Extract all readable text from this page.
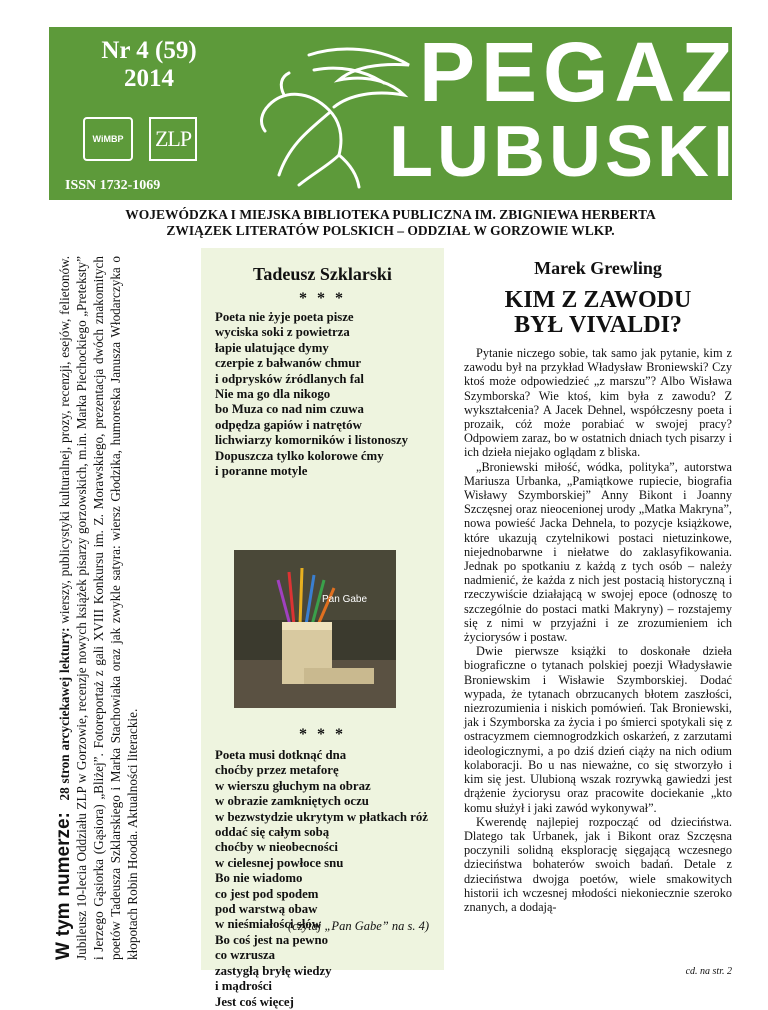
Nr 4 (59)
2014
WiMBP	ZLP
ISSN 1732-1069
PEGAZ
LUBUSKI
WOJEWÓDZKA I MIEJSKA BIBLIOTEKA PUBLICZNA IM. ZBIGNIEWA HERBERTA
ZWIĄZEK LITERATÓW POLSKICH – ODDZIAŁ W GORZOWIE WLKP.
W tym numerze:   28 stron arcyciekawej lektury: wierszy, publicystyki kulturalnej, prozy, recenzji, esejów, felietonów. Jubileusz 10-lecia Oddziału ZLP w Gorzowie, recenzje nowych książek pisarzy gorzowskich, m.in. Marka Piechockiego „Preteksty” i Jerzego Gąsiorka (Gąsiora) „Bliżej”. Fotoreportaż z gali XVIII Konkursu im. Z. Morawskiego, prezentacja dwóch znakomitych poetów Tadeusza Szklarskiego i Marka Stachowiaka oraz jak zwykle satyra: wiersz Głodzika, humoreska Janusza Włodarczyka o kłopotach Robin Hooda. Aktualności literackie.
Tadeusz Szklarski
* * *
Poeta nie żyje poeta pisze
wyciska soki z powietrza
łapie ulatujące dymy
czerpie z bałwanów chmur
i odprysków źródlanych fal
Nie ma go dla nikogo
bo Muza co nad nim czuwa
odpędza gapiów i natrętów
lichwiarzy komorników i listonoszy
Dopuszcza tylko kolorowe ćmy
i poranne motyle
Pan Gabe
* * *
Poeta musi dotknąć dna
choćby przez metaforę
w wierszu głuchym na obraz
w obrazie zamkniętych oczu
w bezwstydzie ukrytym w płatkach róż
oddać się całym sobą
choćby w nieobecności
w cielesnej powłoce snu
Bo nie wiadomo
co jest pod spodem
pod warstwą obaw
w nieśmiałości słów
Bo coś jest na pewno
co wzrusza
zastygłą bryłę wiedzy
i mądrości
Jest coś więcej
(czytaj „Pan Gabe” na s. 4)
Marek Grewling
KIM Z ZAWODU
BYŁ VIVALDI?

Pytanie niczego sobie, tak samo jak pytanie, kim z zawodu był na przykład Władysław Broniewski? Czy ktoś może odpowiedzieć „z marszu”? Albo Wisława Szymborska? Wie ktoś, kim była z zawodu? Z wykształcenia? A Jacek Dehnel, współczesny poeta i prozaik, cóż może porabiać w swojej pracy? Odpowiem zaraz, bo w ostatnich dniach tych pisarzy i ich dzieła niejako oglądam z bliska.

„Broniewski miłość, wódka, polityka”, autorstwa Mariusza Urbanka, „Pamiątkowe rupiecie, biografia Wisławy Szymborskiej” Anny Bikont i Joanny Szczęsnej oraz nieocenionej urody „Matka Makryna”, nowa powieść Jacka Dehnela, to pozycje książkowe, które ukazują czytelnikowi postaci nietuzinkowe, niejednobarwne i niełatwe do zaklasyfikowania. Jednak po spotkaniu z każdą z tych osób – należy nadmienić, że każda z nich jest postacią historyczną i rzeczywiście działającą w swojej epoce (odnoszę to szczególnie do postaci matki Makryny) – rozstajemy się z nimi w przyjaźni i ze zrozumieniem ich życiorysów i postaw.

Dwie pierwsze książki to doskonałe dzieła biograficzne o tytanach polskiej poezji Władysławie Broniewskim i Wisławie Szymborskiej. Dodać wypada, że tytanach obrzucanych błotem zaszłości, niezrozumienia i niskich pomówień. Tak Broniewski, jak i Szymborska za życia i po śmierci spotykali się z ostracyzmem ciemnogrodzkich oskarżeń, z zarzutami ideologicznymi, a po dziś dzień ciąży na nich odium kolaboracji. Bo u nas nieważne, co się stworzyło i kim się jest. Ulubioną wszak rozrywką gawiedzi jest drążenie życiorysu oraz pracowite dociekanie „kto komu służył i jaki zawód wykonywał”.

Kwerendę najlepiej rozpocząć od dzieciństwa. Dlatego tak Urbanek, jak i Bikont oraz Szczęsna poczynili solidną eksplorację sięgającą wczesnego dzieciństwa bohaterów swoich badań. Detale z dzieciństwa dwojga poetów, wiele smakowitych historii ich wczesnej młodości niekoniecznie szeroko znanych, a dodają-

cd. na str. 2
